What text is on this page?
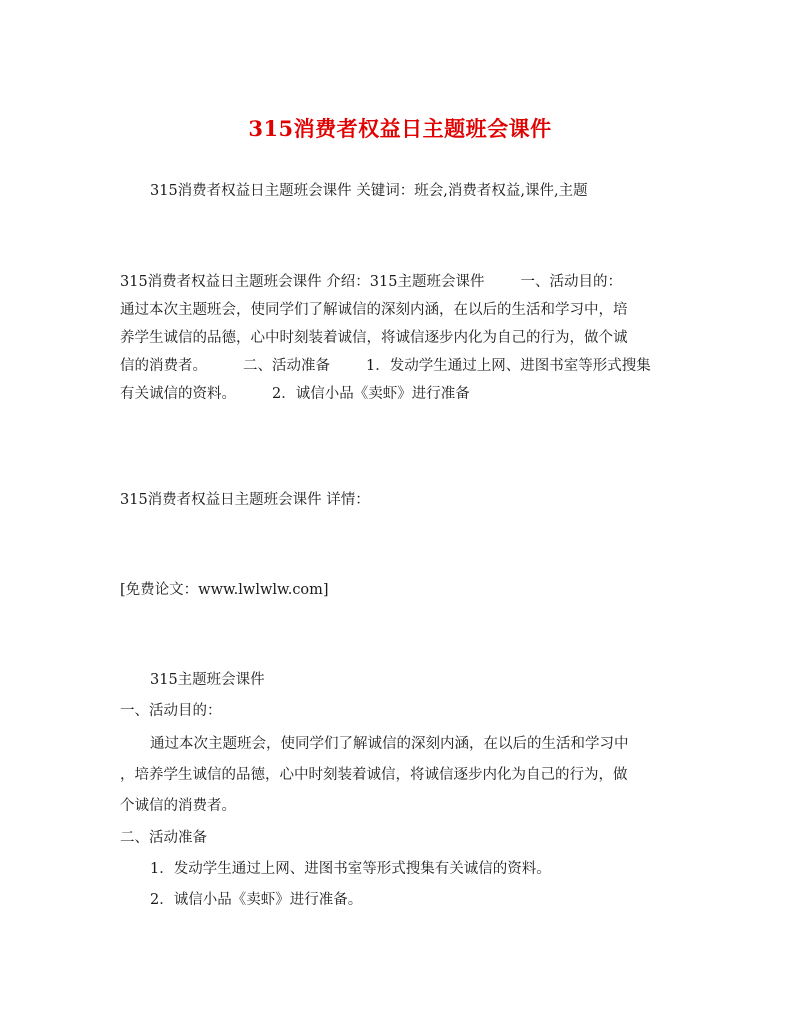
315消费者权益日主题班会课件
315消费者权益日主题班会课件 关键词：班会,消费者权益,课件,主题
315消费者权益日主题班会课件 介绍：315主题班会课件 一、活动目的：
通过本次主题班会，使同学们了解诚信的深刻内涵，在以后的生活和学习中，培
养学生诚信的品德，心中时刻装着诚信，将诚信逐步内化为自己的行为，做个诚
信的消费者。 二、活动准备 1．发动学生通过上网、进图书室等形式搜集
有关诚信的资料。 2．诚信小品《卖虾》进行准备
315消费者权益日主题班会课件 详情：
[免费论文：www.lwlwlw.com]
315主题班会课件
一、活动目的：
通过本次主题班会，使同学们了解诚信的深刻内涵，在以后的生活和学习中
，培养学生诚信的品德，心中时刻装着诚信，将诚信逐步内化为自己的行为，做
个诚信的消费者。
二、活动准备
1．发动学生通过上网、进图书室等形式搜集有关诚信的资料。
2．诚信小品《卖虾》进行准备。
